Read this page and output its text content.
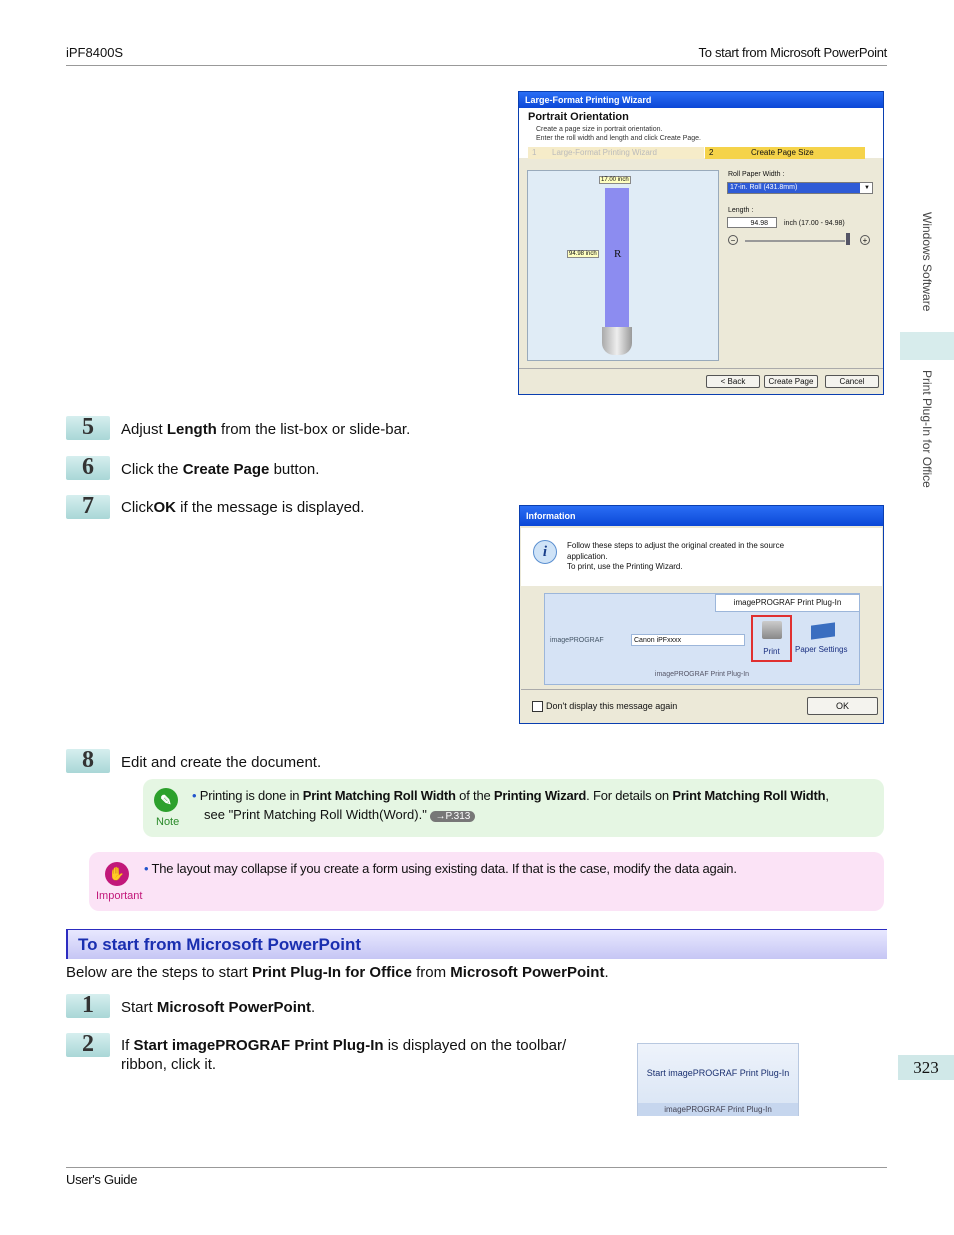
iPF8400S	To start from Microsoft PowerPoint
Windows Software
Print Plug-In for Office
323
Large-Format Printing Wizard
Portrait Orientation
Create a page size in portrait orientation.
Enter the roll width and length and click Create Page.
1 Large-Format Printing Wizard	2	Create Page Size
17.00 inch
94.98 inch R
Roll Paper Width :
17-in. Roll (431.8mm)	▼
Length :
94.98	inch (17.00 - 94.98)
−	+
< Back	Create Page	Cancel
5 Adjust Length from the list-box or slide-bar.
6 Click the Create Page button.
7 ClickOK if the message is displayed.	Information
i	Follow these steps to adjust the original created in the source
application.
To print, use the Printing Wizard.
imagePROGRAF Print Plug-In
imagePROGRAF	Canon iPFxxxx
Print	Paper Settings
imagePROGRAF Print Plug-In
Don't display this message again	OK
8 Edit and create the document.
✎
Note
• Printing is done in Print Matching Roll Width of the Printing Wizard. For details on Print Matching Roll Width,
see "Print Matching Roll Width(Word)." →P.313
✋
Important
• The layout may collapse if you create a form using existing data. If that is the case, modify the data again.
To start from Microsoft PowerPoint
Below are the steps to start Print Plug-In for Office from Microsoft PowerPoint.
1 Start Microsoft PowerPoint.
2 If Start imagePROGRAF Print Plug-In is displayed on the toolbar/
ribbon, click it.	Start imagePROGRAF Print Plug-In
imagePROGRAF Print Plug-In
User's Guide
